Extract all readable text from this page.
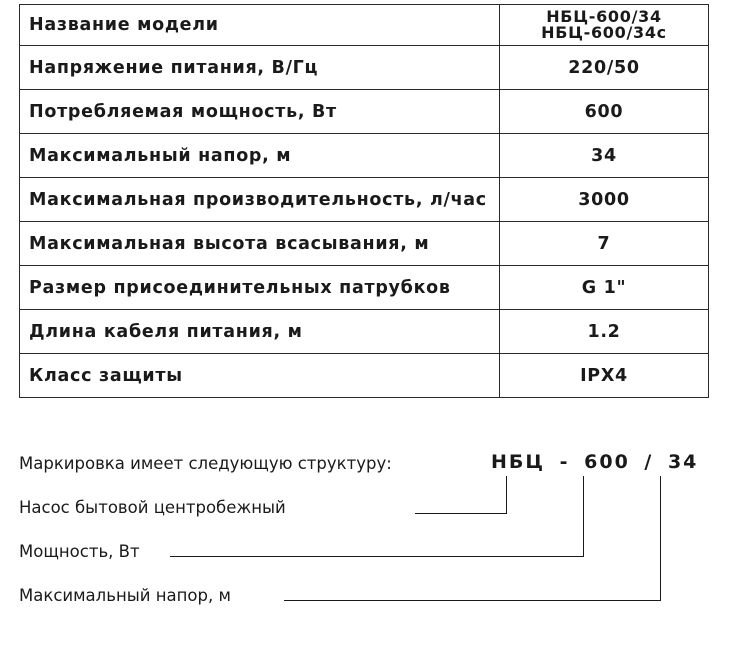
Название модели	НБЦ-600/34
НБЦ-600/34с

Напряжение питания, В/Гц	220/50
Потребляемая мощность, Вт	600
Максимальный напор, м	34
Максимальная производительность, л/час	3000
Максимальная высота всасывания, м	7
Размер присоединительных патрубков	G 1"
Длина кабеля питания, м	1.2
Класс защиты	IPX4
Маркировка имеет следующую структуру:	НБЦ - 600 / 34
Насос бытовой центробежный
Мощность, Вт
Максимальный напор, м
